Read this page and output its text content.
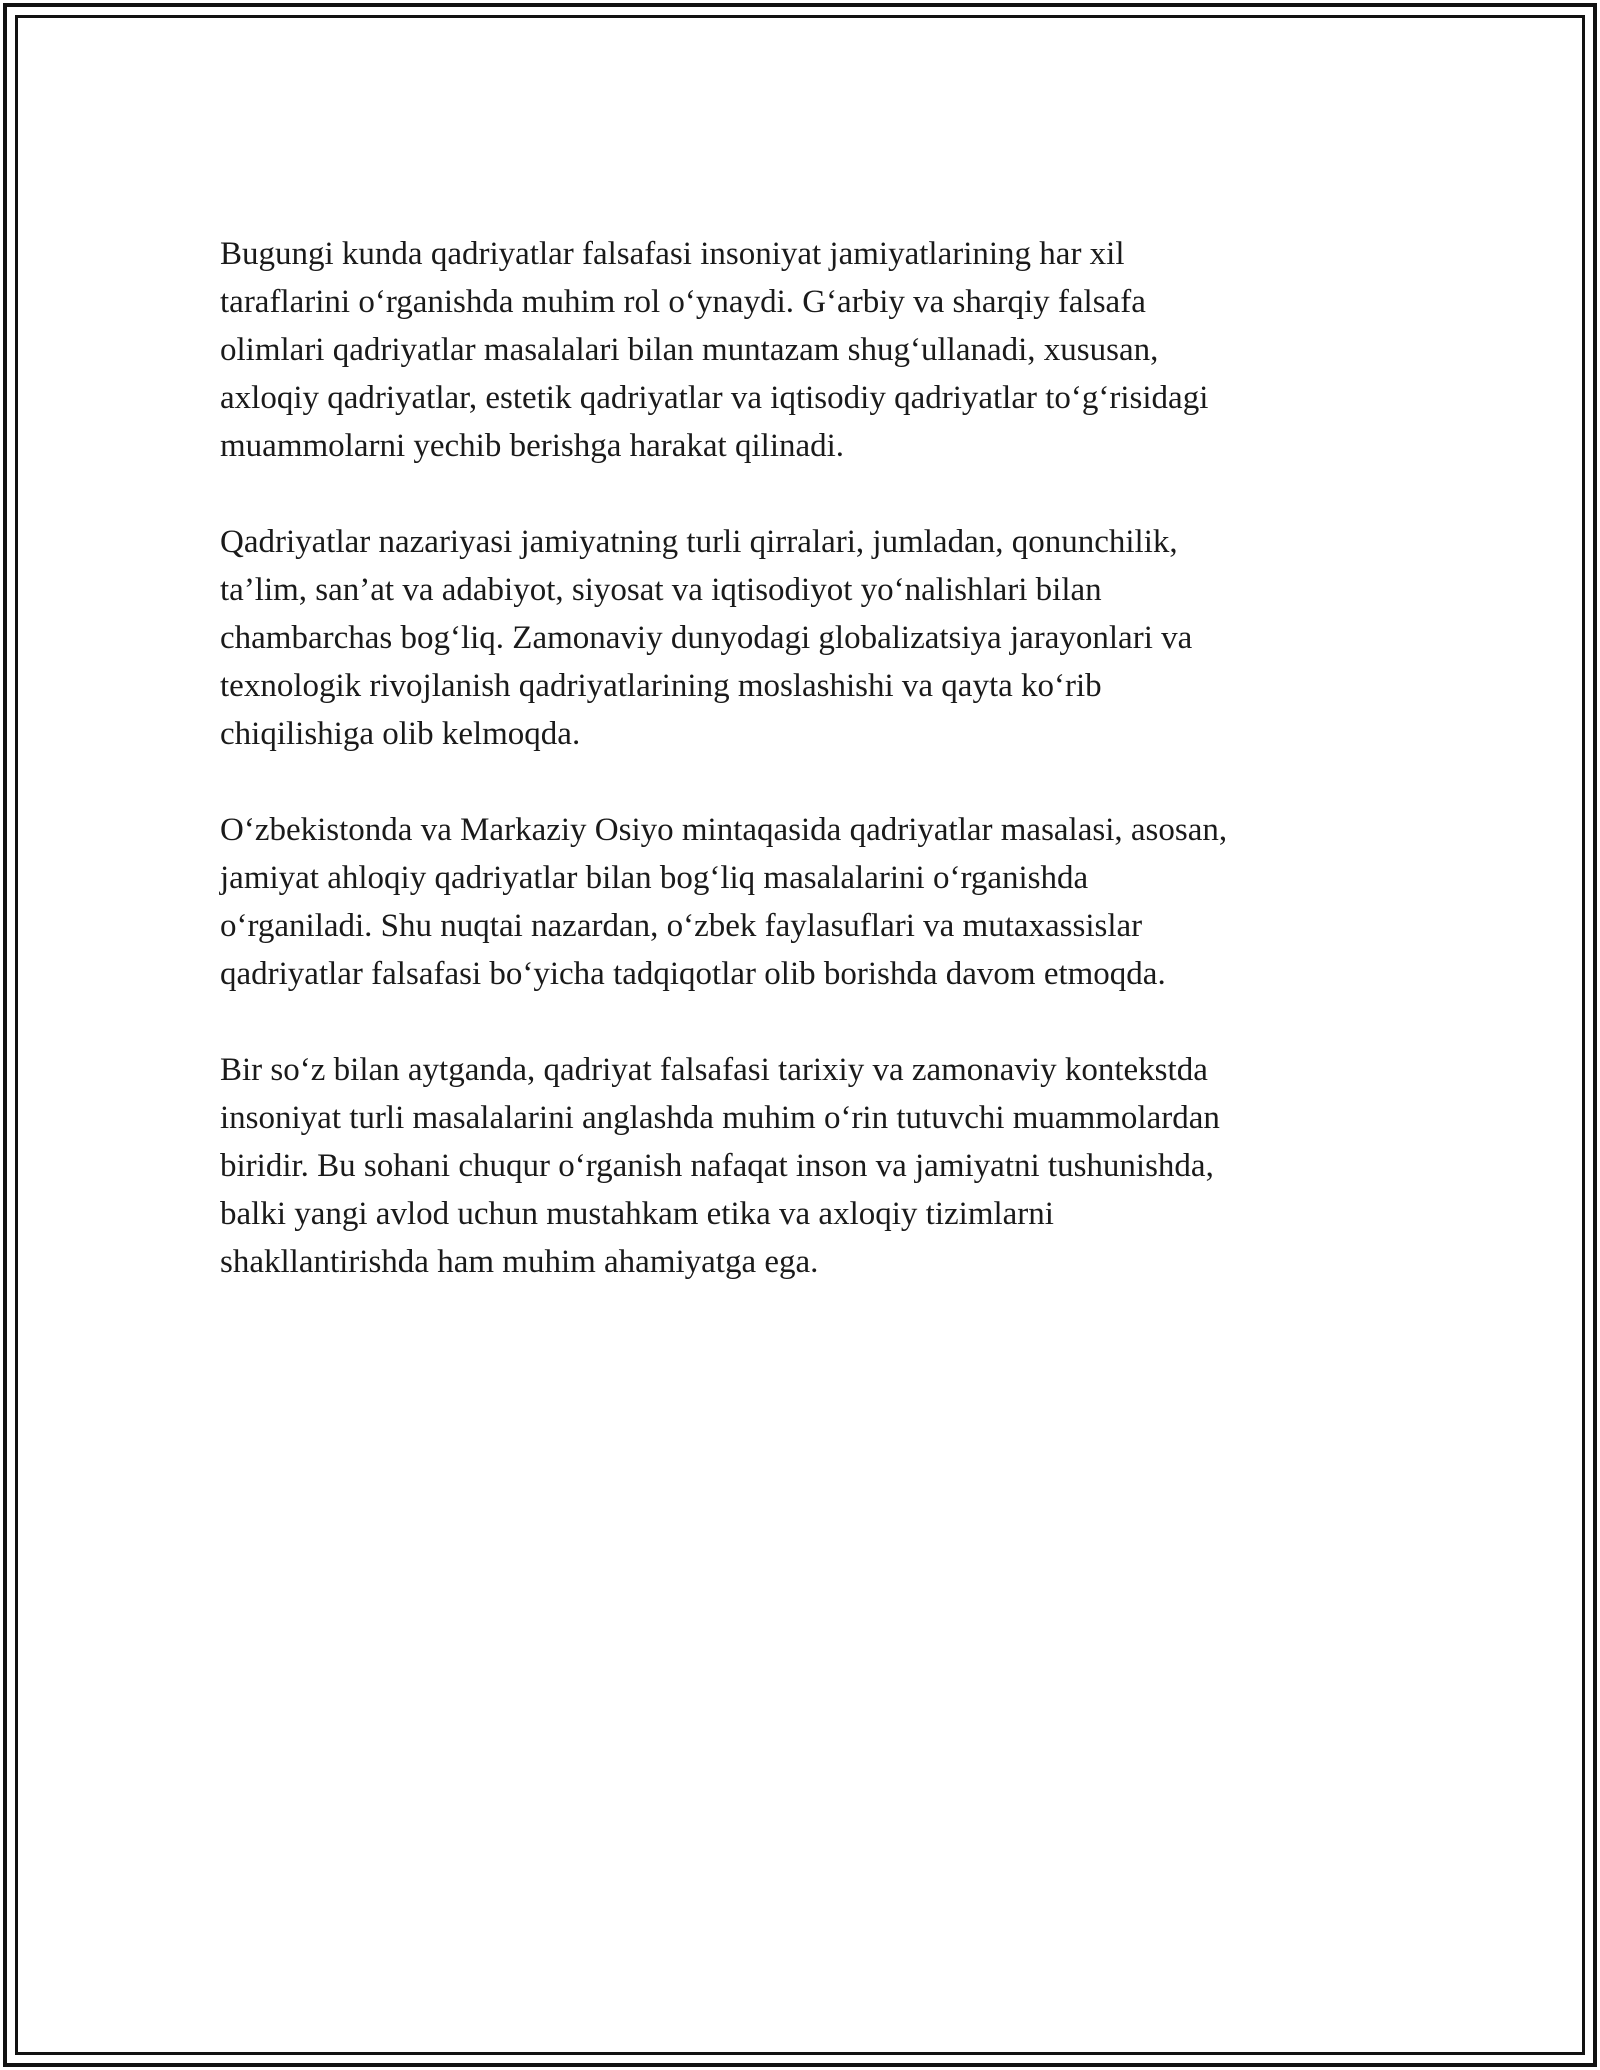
Bugungi kunda qadriyatlar falsafasi insoniyat jamiyatlarining har xil
taraflarini o‘rganishda muhim rol o‘ynaydi. G‘arbiy va sharqiy falsafa
olimlari qadriyatlar masalalari bilan muntazam shug‘ullanadi, xususan,
axloqiy qadriyatlar, estetik qadriyatlar va iqtisodiy qadriyatlar to‘g‘risidagi
muammolarni yechib berishga harakat qilinadi.

Qadriyatlar nazariyasi jamiyatning turli qirralari, jumladan, qonunchilik,
ta’lim, san’at va adabiyot, siyosat va iqtisodiyot yo‘nalishlari bilan
chambarchas bog‘liq. Zamonaviy dunyodagi globalizatsiya jarayonlari va
texnologik rivojlanish qadriyatlarining moslashishi va qayta ko‘rib
chiqilishiga olib kelmoqda.

O‘zbekistonda va Markaziy Osiyo mintaqasida qadriyatlar masalasi, asosan,
jamiyat ahloqiy qadriyatlar bilan bog‘liq masalalarini o‘rganishda
o‘rganiladi. Shu nuqtai nazardan, o‘zbek faylasuflari va mutaxassislar
qadriyatlar falsafasi bo‘yicha tadqiqotlar olib borishda davom etmoqda.

Bir so‘z bilan aytganda, qadriyat falsafasi tarixiy va zamonaviy kontekstda
insoniyat turli masalalarini anglashda muhim o‘rin tutuvchi muammolardan
biridir. Bu sohani chuqur o‘rganish nafaqat inson va jamiyatni tushunishda,
balki yangi avlod uchun mustahkam etika va axloqiy tizimlarni
shakllantirishda ham muhim ahamiyatga ega.
